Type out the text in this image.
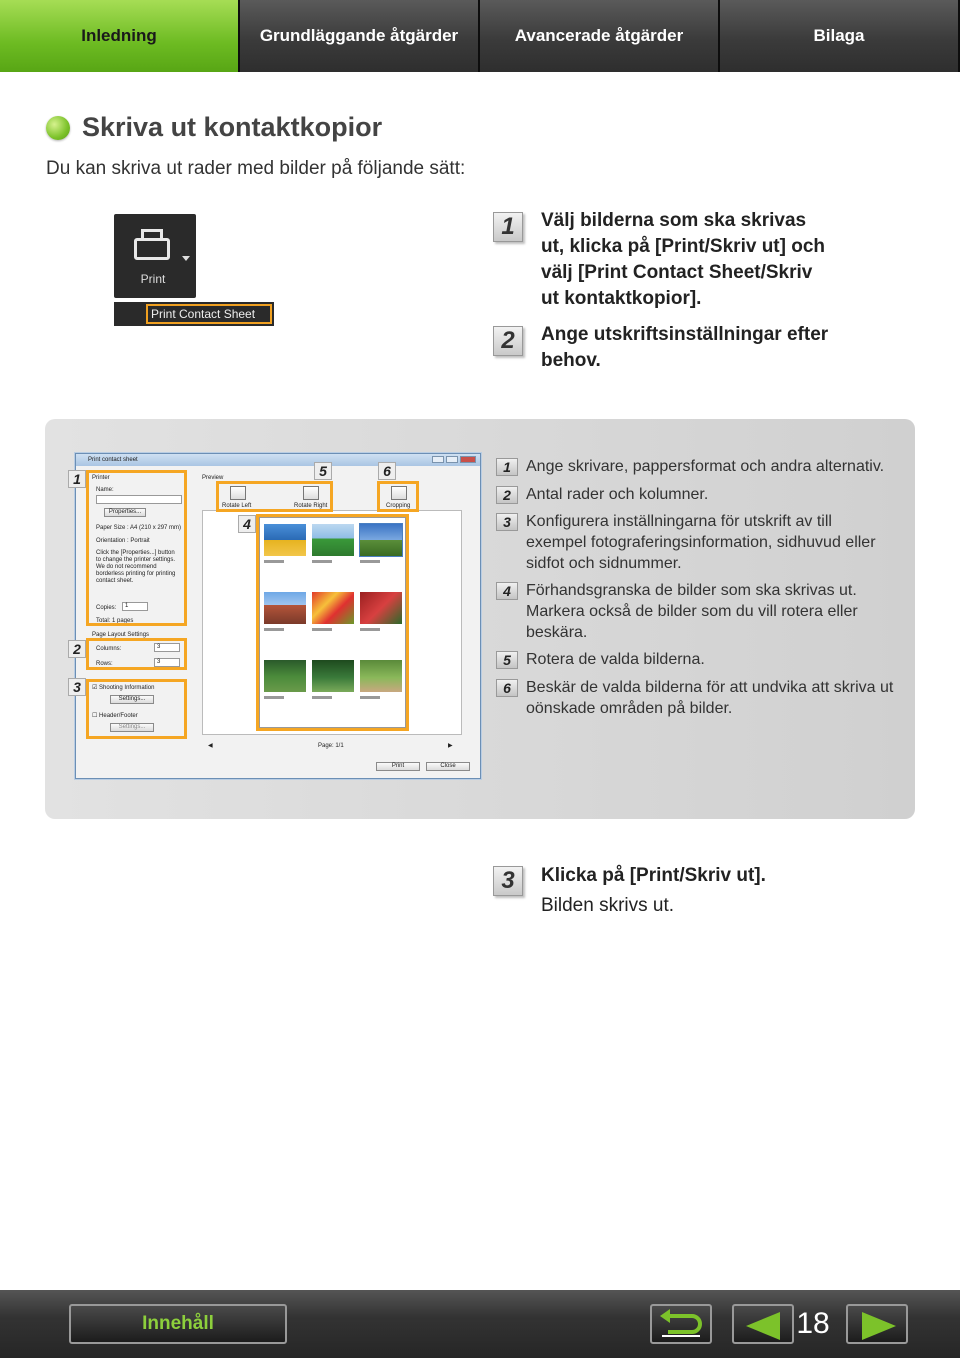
Inledning	Grundläggande åtgärder	Avancerade åtgärder	Bilaga
Skriva ut kontaktkopior
Du kan skriva ut rader med bilder på följande sätt:
Print
Print Contact Sheet
1	Välj bilderna som ska skrivas
ut, klicka på [Print/Skriv ut] och
välj [Print Contact Sheet/Skriv
ut kontaktkopior].
2	Ange utskriftsinställningar efter
behov.
Print contact sheet
Printer
Name:
Properties...
Paper Size : A4 (210 x 297 mm)
Orientation : Portrait
Click the [Properties...] button
to change the printer settings.
We do not recommend
borderless printing for printing
contact sheet.
Copies:	1
Total: 1 pages
Page Layout Settings
Columns:	3
Rows:	3
☑ Shooting Information
Settings...
☐ Header/Footer
Settings...
Preview
Rotate Left	Rotate Right	Cropping
◀	Page: 1/1	▶
Print	Close
1
2
3
4
5	6	1 Ange skrivare, pappersformat och andra alternativ.
2 Antal rader och kolumner.
3 Konfigurera inställningarna för utskrift av till exempel fotograferingsinformation, sidhuvud eller sidfot och sidnummer.
4 Förhandsgranska de bilder som ska skrivas ut. Markera också de bilder som du vill rotera eller beskära.
5 Rotera de valda bilderna.
6 Beskär de valda bilderna för att undvika att skriva ut oönskade områden på bilder.
3	Klicka på [Print/Skriv ut].
Bilden skrivs ut.
Innehåll	18
